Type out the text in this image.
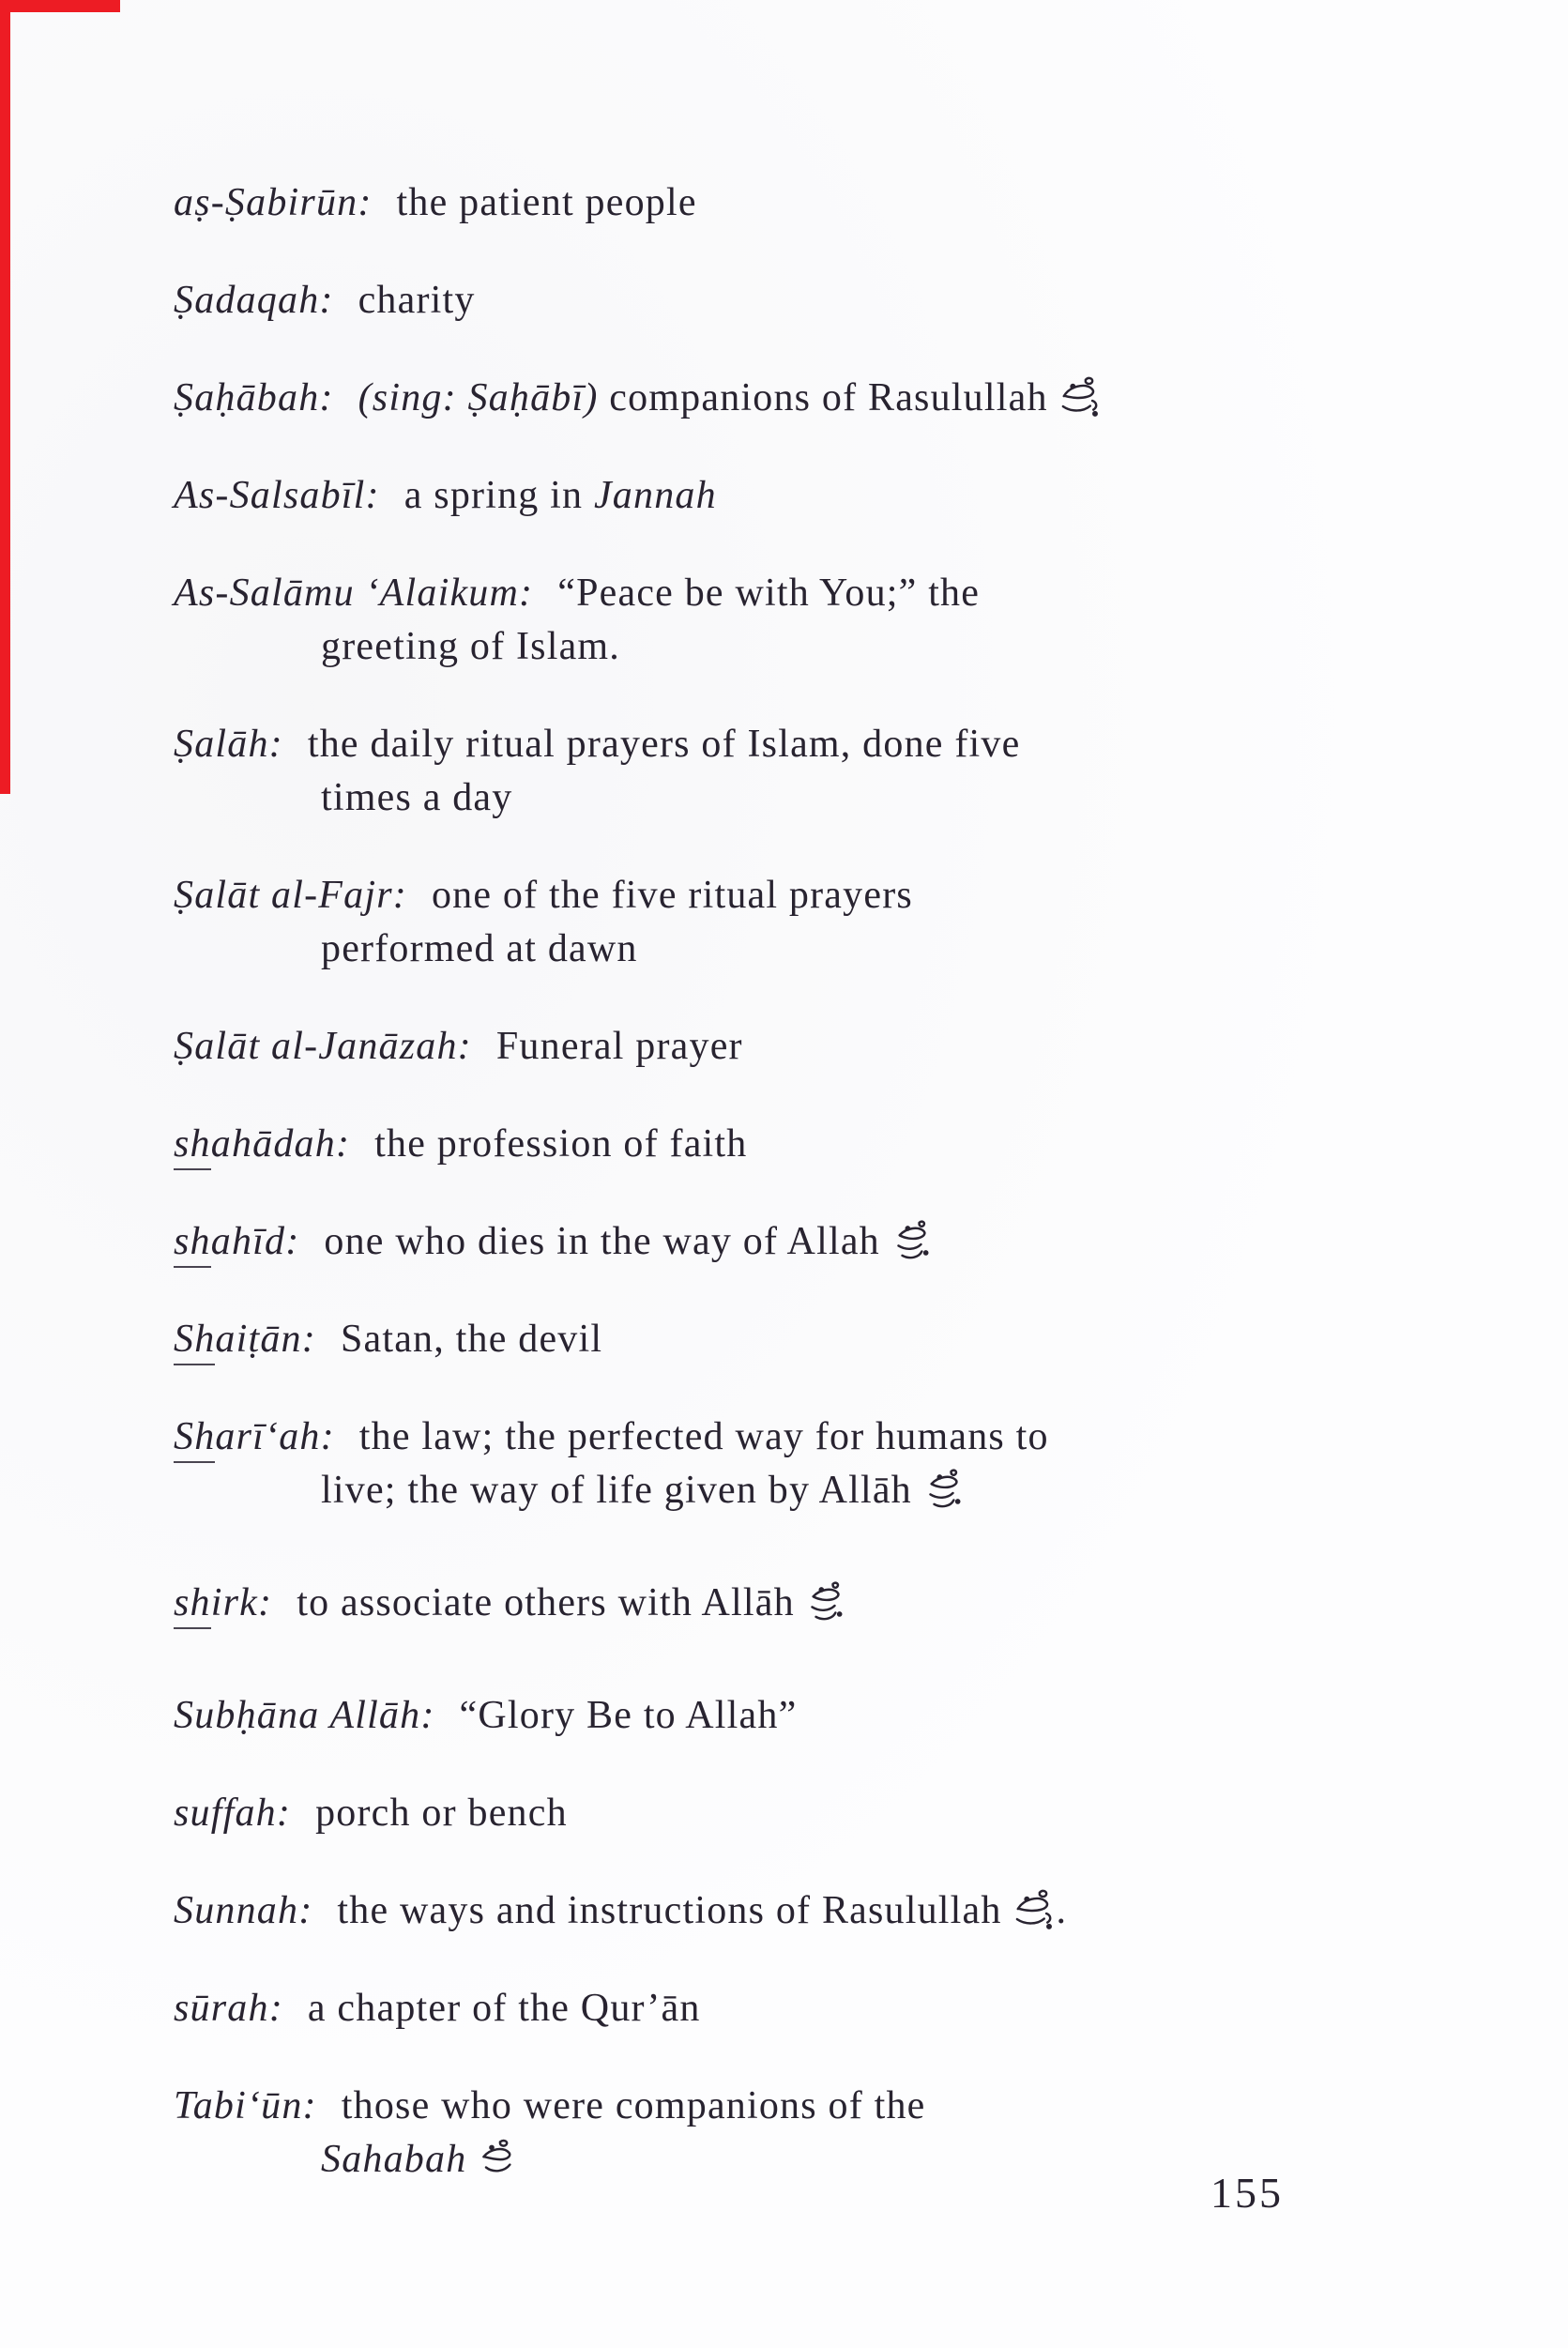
aṣ-Ṣabirūn: the patient people
Ṣadaqah: charity
Ṣaḥābah: (sing: Ṣaḥābī) companions of Rasulullah
As-Salsabīl: a spring in Jannah
As-Salāmu ‘Alaikum: “Peace be with You;” the
greeting of Islam.
Ṣalāh: the daily ritual prayers of Islam, done five
times a day
Ṣalāt al-Fajr: one of the five ritual prayers
performed at dawn
Ṣalāt al-Janāzah: Funeral prayer
shahādah: the profession of faith
shahīd: one who dies in the way of Allah
Shaiṭān: Satan, the devil
Sharī‘ah: the law; the perfected way for humans to
live; the way of life given by Allāh
shirk: to associate others with Allāh
Subḥāna Allāh: “Glory Be to Allah”
suffah: porch or bench
Sunnah: the ways and instructions of Rasulullah .
sūrah: a chapter of the Qur’ān
Tabi‘ūn: those who were companions of the
Sahabah
155
